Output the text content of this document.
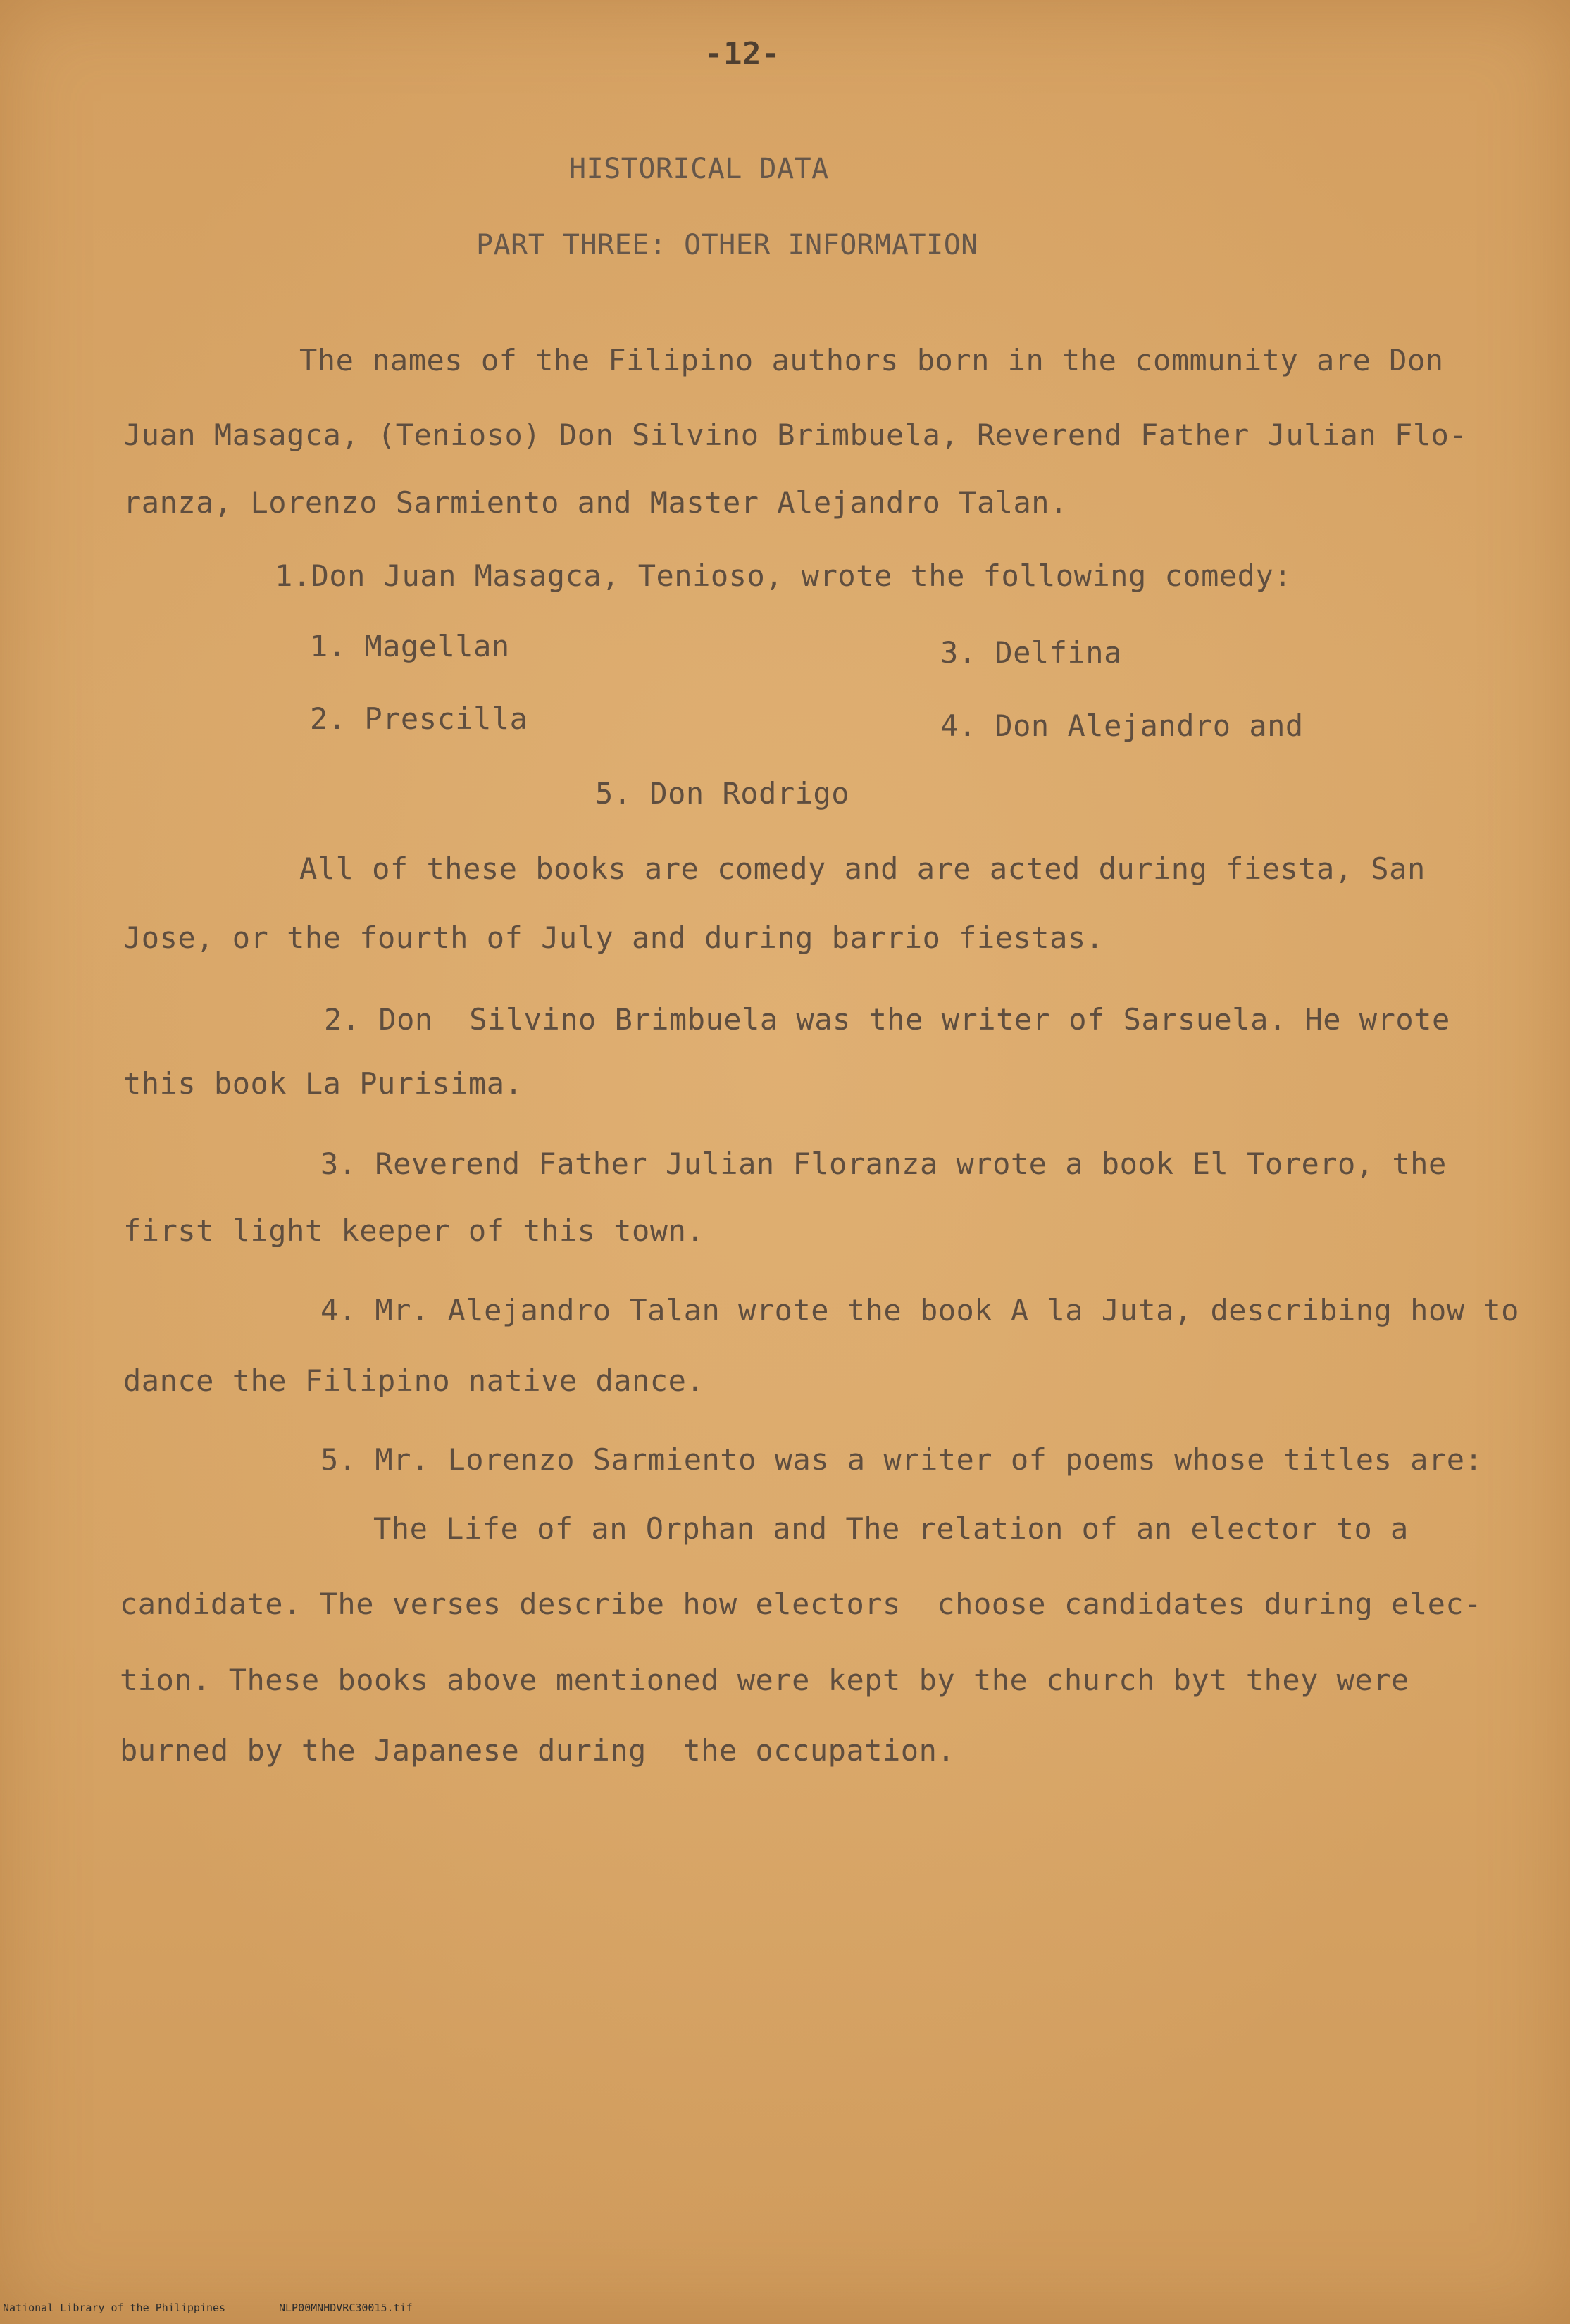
-12-
HISTORICAL DATA
PART THREE: OTHER INFORMATION
The names of the Filipino authors born in the community are Don
Juan Masagca, (Tenioso) Don Silvino Brimbuela, Reverend Father Julian Flo-
ranza, Lorenzo Sarmiento and Master Alejandro Talan.
1.Don Juan Masagca, Tenioso, wrote the following comedy:
1. Magellan	3. Delfina
2. Prescilla	4. Don Alejandro and
5. Don Rodrigo
All of these books are comedy and are acted during fiesta, San
Jose, or the fourth of July and during barrio fiestas.
2. Don  Silvino Brimbuela was the writer of Sarsuela. He wrote
this book La Purisima.
3. Reverend Father Julian Floranza wrote a book El Torero, the
first light keeper of this town.
4. Mr. Alejandro Talan wrote the book A la Juta, describing how to
dance the Filipino native dance.
5. Mr. Lorenzo Sarmiento was a writer of poems whose titles are:
The Life of an Orphan and The relation of an elector to a
candidate. The verses describe how electors  choose candidates during elec-
tion. These books above mentioned were kept by the church byt they were
burned by the Japanese during  the occupation.
National Library of the Philippines	NLP00MNHDVRC30015.tif
